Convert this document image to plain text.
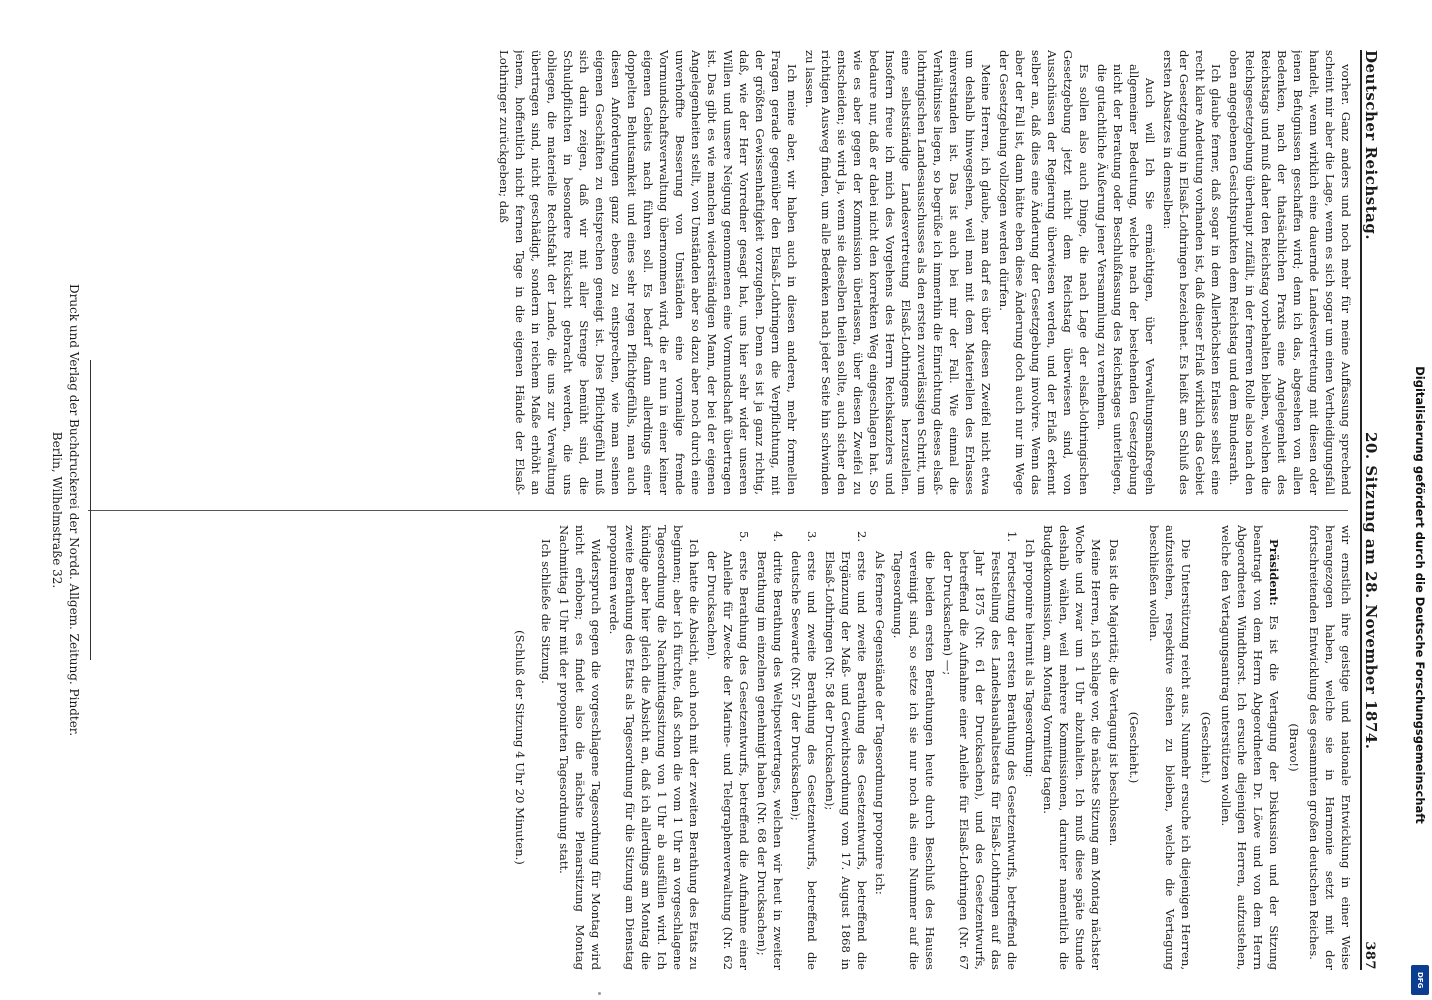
Deutscher Reichstag.
20. Sitzung am 28. November 1874.
387

vorher. Ganz anders und noch mehr für meine Auffassung sprechend scheint mir aber die Lage, wenn es sich sogar um einen Vertheidigungsfall handelt, wenn wirklich eine dauernde Landesvertretung mit diesen oder jenen Befugnissen geschaffen wird; denn ich das, abgesehen von allen Bedenken, nach der thatsächlichen Praxis eine Angelegenheit des Reichstags und muß daher den Reichstag vorbehalten bleiben, welchen die Reichsgesetzgebung überhaupt zufällt, in der ferneren Rolle also nach den oben angegebenen Gesichtspunkten dem Reichstag und dem Bundesrath.

Ich glaube ferner, daß sogar in dem Allerhöchsten Erlasse selbst eine recht klare Andeutung vorhanden ist, daß dieser Erlaß wirklich das Gebiet der Gesetzgebung in Elsaß-Lothringen bezeichnet. Es heißt am Schluß des ersten Absatzes in demselben:

Auch will Ich Sie ermächtigen, über Verwaltungsmaßregeln allgemeiner Bedeutung, welche nach der bestehenden Gesetzgebung nicht der Beratung oder Beschlußfassung des Reichstages unterliegen, die gutachtliche Äußerung jener Versammlung zu vernehmen.

Es sollen also auch Dinge, die nach Lage der elsaß-lothringischen Gesetzgebung jetzt nicht dem Reichstag überwiesen sind, von Ausschüssen der Regierung überwiesen werden, und der Erlaß erkennt selber an, daß dies eine Änderung der Gesetzgebung involvire. Wenn das aber der Fall ist, dann hätte eben diese Änderung doch auch nur im Wege der Gesetzgebung vollzogen werden dürfen.

Meine Herren, ich glaube, man darf es über diesen Zweifel nicht etwa um deshalb hinwegsehen, weil man mit dem Materiellen des Erlasses einverstanden ist. Das ist auch bei mir der Fall. Wie einmal die Verhältnisse liegen, so begrüße ich immerhin die Einrichtung dieses elsaß-lothringischen Landesausschusses als den ersten zuverlässigen Schritt, um eine selbstständige Landesvertretung Elsaß-Lothringens herzustellen. Insofern freue ich mich des Vorgehens des Herrn Reichskanzlers und bedaure nur, daß er dabei nicht den korrekten Weg eingeschlagen hat. So wie es aber gegen der Kommission überlassen, über diesen Zweifel zu entscheiden; sie wird ja, wenn sie dieselben theilen sollte, auch sicher den richtigen Ausweg finden, um alle Bedenken nach jeder Seite hin schwinden zu lassen.

Ich meine aber, wir haben auch in diesen anderen, mehr formellen Fragen gerade gegenüber den Elsaß-Lothringern die Verpflichtung, mit der größten Gewissenhaftigkeit vorzugehen. Denn es ist ja ganz richtig, daß, wie der Herr Vorredner gesagt hat, uns hier sehr wider unseren Willen und unsere Neigung genommenen eine Vormundschaft übertragen ist. Das gibt es wie manchen wiederständigen Mann, der bei der eigenen Angelegenheiten stellt, von Umständen aber so dazu aber noch durch eine unverhoffte Besserung von Umständen eine vormalige fremde Vormundschaftsverwaltung übernommen wird, die er nun in einer keiner eigenen Gebiets nach führen soll. Es bedarf dann allerdings einer doppelten Behutsamkeit und eines sehr regen Pflichtgefühls, man auch diesen Anforderungen ganz ebenso zu entsprechen, wie man seinen eigenen Geschäften zu entsprechen geneigt ist. Dies Pflichtgefühl muß sich darin zeigen, daß wir mit aller Strenge bemüht sind, die Schuldpflichten in besondere Rücksicht gebracht werden, die uns obliegen, die materielle Rechtsfaht der Lande, die uns zur Verwaltung übertragen sind, nicht geschädigt, sondern in reichem Maße erhöht an jenem, hoffentlich nicht fernen Tage in die eigenen Hände der Elsaß-Lothringer zurückgeben; daß

wir ernstlich ihre geistige und nationale Entwicklung in einer Weise herangezogen haben, welche sie in Harmonie setzt mit der fortschreitenden Entwicklung des gesammten großen deutschen Reiches.

(Bravo!)

Präsident: Es ist die Vertagung der Diskussion und der Sitzung beantragt von dem Herrn Abgeordneten Dr. Löwe und von dem Herrn Abgeordneten Windthorst. Ich ersuche diejenigen Herren, aufzustehen, welche den Vertagungsantrag unterstützen wollen.

(Geschieht.)

Die Unterstützung reicht aus. Nunmehr ersuche ich diejenigen Herren, aufzustehen, respektive stehen zu bleiben, welche die Vertagung beschließen wollen.

(Geschieht.)

Das ist die Majorität; die Vertagung ist beschlossen.

Meine Herren, ich schlage vor, die nächste Sitzung am Montag nächster Woche und zwar um 1 Uhr abzuhalten. Ich muß diese späte Stunde deshalb wählen, weil mehrere Kommissionen, darunter namentlich die Budgetkommission, am Montag Vormittag tagen.

Ich proponire hiermit als Tagesordnung:

1.
Fortsetzung der ersten Berathung des Gesetzentwurfs, betreffend die Feststellung des Landeshaushaltsetats für Elsaß-Lothringen auf das Jahr 1875 (Nr. 61 der Drucksachen), und des Gesetzentwurfs, betreffend die Aufnahme einer Anleihe für Elsaß-Lothringen (Nr. 67 der Drucksachen) —;

die beiden ersten Berathungen heute durch Beschluß des Hauses vereinigt sind, so setze ich sie nur noch als eine Nummer auf die Tagesordnung.

Als fernere Gegenstände der Tagesordnung proponire ich:

2.
erste und zweite Berathung des Gesetzentwurfs, betreffend die Ergänzung der Maß- und Gewichtsordnung vom 17. August 1868 in Elsaß-Lothringen (Nr. 58 der Drucksachen);

3.
erste und zweite Berathung des Gesetzentwurfs, betreffend die deutsche Seewarte (Nr. 57 der Drucksachen);

4.
dritte Berathung des Weltpostvertrages, welchen wir heut in zweiter Berathung im einzelnen genehmigt haben (Nr. 68 der Drucksachen);

5.
erste Berathung des Gesetzentwurfs, betreffend die Aufnahme einer Anleihe für Zwecke der Marine- und Telegraphenverwaltung (Nr. 62 der Drucksachen).

Ich hatte die Absicht, auch noch mit der zweiten Berathung des Etats zu beginnen; aber ich fürchte, daß schon die vom 1 Uhr an vorgeschlagene Tagesordnung die Nachmittagssitzung von 1 Uhr ab ausfüllen wird. Ich kündige aber hier gleich die Absicht an, daß ich allerdings am Montag die zweite Berathung des Etats als Tagesordnung für die Sitzung am Dienstag proponiren werde.

Widerspruch gegen die vorgeschlagene Tagesordnung für Montag wird nicht erhoben; es findet also die nächste Plenarsitzung Montag Nachmittag 1 Uhr mit der proponirten Tagesordnung statt.

Ich schließe die Sitzung.

(Schluß der Sitzung 4 Uhr 20 Minuten.)

Druck und Verlag der Buchdruckerei der Nordd. Allgem. Zeitung. Pindter.
Berlin, Wilhelmstraße 32.	Digitalisierung gefördert durch die Deutsche Forschungsgemeinschaft
DFG
